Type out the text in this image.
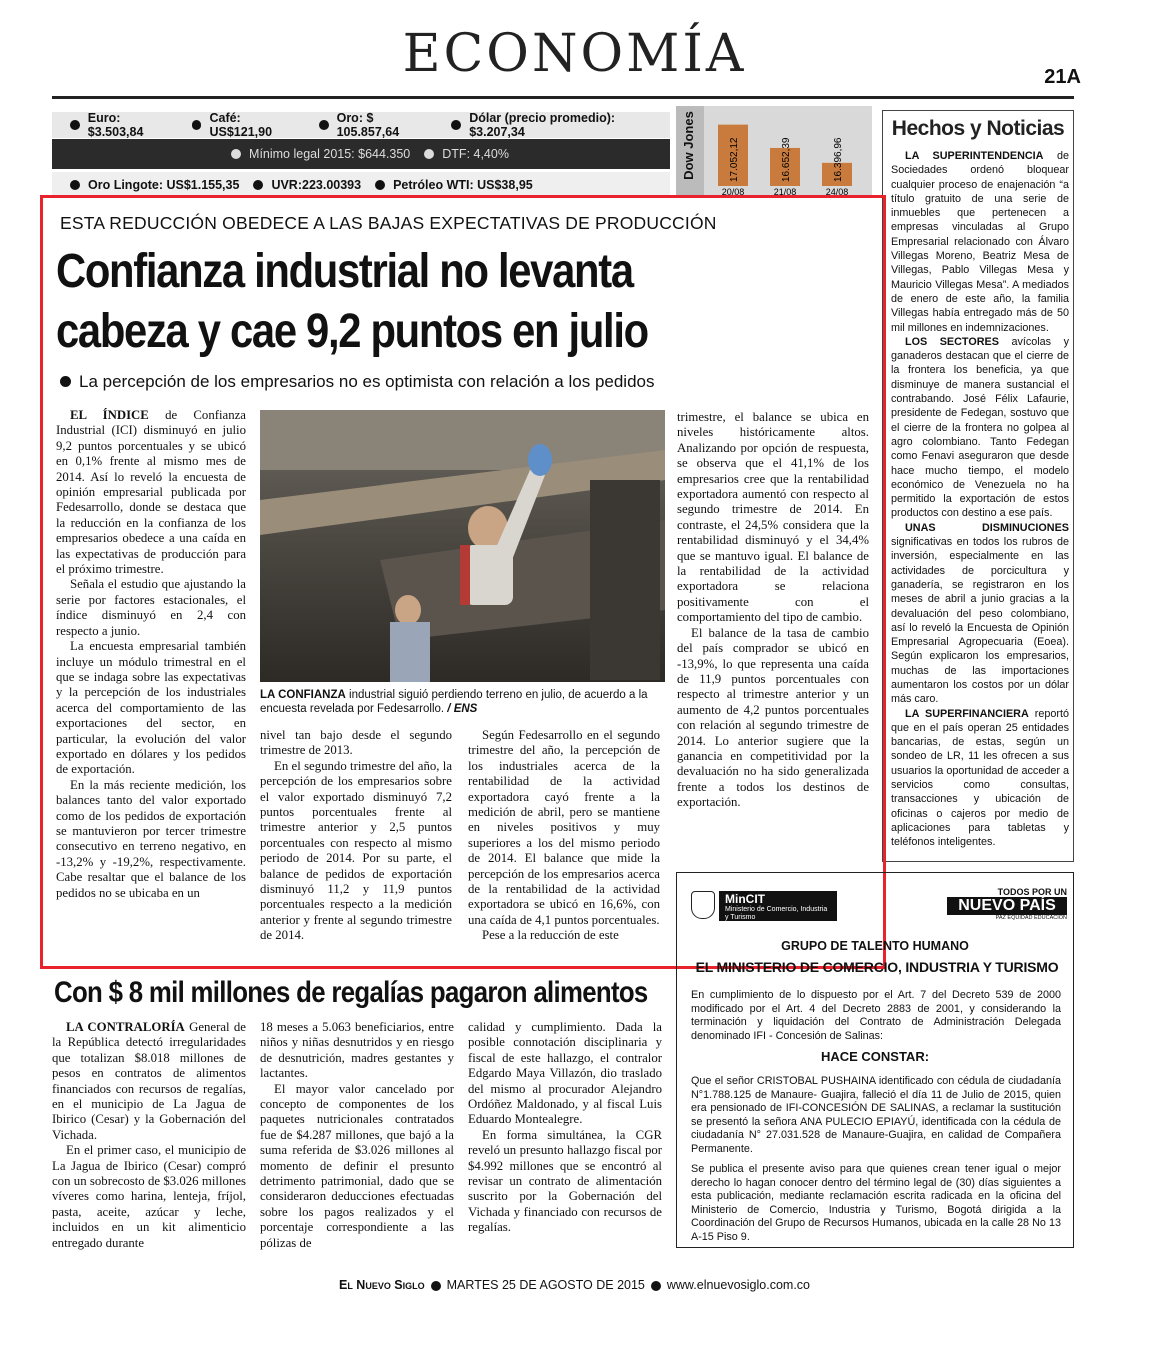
ECONOMÍA	21A
Euro: $3.503,84
Café: US$121,90
Oro: $ 105.857,64
Dólar (precio promedio): $3.207,34
Mínimo legal 2015: $644.350	DTF: 4,40%
Oro Lingote: US$1.155,35	UVR:223.00393	Petróleo WTI: US$38,95
Dow Jones	17.052,12
20/08
16.652,39
21/08
16.396,96
24/08
Hechos y Noticias

LA SUPERINTENDENCIA de Sociedades ordenó bloquear cualquier proceso de enajenación “a título gratuito de una serie de inmuebles que pertenecen a empresas vinculadas al Grupo Empresarial relacionado con Álvaro Villegas Moreno, Beatriz Mesa de Villegas, Pablo Villegas Mesa y Mauricio Villegas Mesa”. A mediados de enero de este año, la familia Villegas había entregado más de 50 mil millones en indemnizaciones.

LOS SECTORES avícolas y ganaderos destacan que el cierre de la frontera los beneficia, ya que disminuye de manera sustancial el contrabando. José Félix Lafaurie, presidente de Fedegan, sostuvo que el cierre de la frontera no golpea al agro colombiano. Tanto Fedegan como Fenavi aseguraron que desde hace mucho tiempo, el modelo económico de Venezuela no ha permitido la exportación de estos productos con destino a ese país.

UNAS DISMINUCIONES significativas en todos los rubros de inversión, especialmente en las actividades de porcicultura y ganadería, se registraron en los meses de abril a junio gracias a la devaluación del peso colombiano, así lo reveló la Encuesta de Opinión Empresarial Agropecuaria (Eoea). Según explicaron los empresarios, muchas de las importaciones aumentaron los costos por un dólar más caro.

LA SUPERFINANCIERA reportó que en el país operan 25 entidades bancarias, de estas, según un sondeo de LR, 11 les ofrecen a sus usuarios la oportunidad de acceder a servicios como consultas, transacciones y ubicación de oficinas o cajeros por medio de aplicaciones para tabletas y teléfonos inteligentes.

ESTA REDUCCIÓN OBEDECE A LAS BAJAS EXPECTATIVAS DE PRODUCCIÓN
Confianza industrial no levanta
cabeza y cae 9,2 puntos en julio
La percepción de los empresarios no es optimista con relación a los pedidos

EL ÍNDICE de Confianza Industrial (ICI) disminuyó en julio 9,2 puntos porcentuales y se ubicó en 0,1% frente al mismo mes de 2014. Así lo reveló la encuesta de opinión empresarial publicada por Fedesarrollo, donde se destaca que la reducción en la confianza de los empresarios obedece a una caída en las expectativas de producción para el próximo trimestre.

Señala el estudio que ajustando la serie por factores estacionales, el índice disminuyó en 2,4 con respecto a junio.

La encuesta empresarial también incluye un módulo trimestral en el que se indaga sobre las expectativas y la percepción de los industriales acerca del comportamiento de las exportaciones del sector, en particular, la evolución del valor exportado en dólares y los pedidos de exportación.

En la más reciente medición, los balances tanto del valor exportado como de los pedidos de exportación se mantuvieron por tercer trimestre consecutivo en terreno negativo, en -13,2% y -19,2%, respectivamente. Cabe resaltar que el balance de los pedidos no se ubicaba en un

LA CONFIANZA industrial siguió perdiendo terreno en julio, de acuerdo a la encuesta revelada por Fedesarrollo. / ENS

nivel tan bajo desde el segundo trimestre de 2013.

En el segundo trimestre del año, la percepción de los empresarios sobre el valor exportado disminuyó 7,2 puntos porcentuales frente al trimestre anterior y 2,5 puntos porcentuales con respecto al mismo periodo de 2014. Por su parte, el balance de pedidos de exportación disminuyó 11,2 y 11,9 puntos porcentuales respecto a la medición anterior y frente al segundo trimestre de 2014.

Según Fedesarrollo en el segundo trimestre del año, la percepción de los industriales acerca de la rentabilidad de la actividad exportadora cayó frente a la medición de abril, pero se mantiene en niveles positivos y muy superiores a los del mismo periodo de 2014. El balance que mide la percepción de los empresarios acerca de la rentabilidad de la actividad exportadora se ubicó en 16,6%, con una caída de 4,1 puntos porcentuales.

Pese a la reducción de este

trimestre, el balance se ubica en niveles históricamente altos. Analizando por opción de respuesta, se observa que el 41,1% de los empresarios cree que la rentabilidad exportadora aumentó con respecto al segundo trimestre de 2014. En contraste, el 24,5% considera que la rentabilidad disminuyó y el 34,4% que se mantuvo igual. El balance de la rentabilidad de la actividad exportadora se relaciona positivamente con el comportamiento del tipo de cambio.

El balance de la tasa de cambio del país comprador se ubicó en -13,9%, lo que representa una caída de 11,9 puntos porcentuales con respecto al trimestre anterior y un aumento de 4,2 puntos porcentuales con relación al segundo trimestre de 2014. Lo anterior sugiere que la ganancia en competitividad por la devaluación no ha sido generalizada frente a todos los destinos de exportación.

Con $ 8 mil millones de regalías pagaron alimentos

LA CONTRALORÍA General de la República detectó irregularidades que totalizan $8.018 millones de pesos en contratos de alimentos financiados con recursos de regalías, en el municipio de La Jagua de Ibirico (Cesar) y la Gobernación del Vichada.

En el primer caso, el municipio de La Jagua de Ibirico (Cesar) compró con un sobrecosto de $3.026 millones víveres como harina, lenteja, fríjol, pasta, aceite, azúcar y leche, incluidos en un kit alimenticio entregado durante

18 meses a 5.063 beneficiarios, entre niños y niñas desnutridos y en riesgo de desnutrición, madres gestantes y lactantes.

El mayor valor cancelado por concepto de componentes de los paquetes nutricionales contratados fue de $4.287 millones, que bajó a la suma referida de $3.026 millones al momento de definir el presunto detrimento patrimonial, dado que se consideraron deducciones efectuadas sobre los pagos realizados y el porcentaje correspondiente a las pólizas de

calidad y cumplimiento. Dada la posible connotación disciplinaria y fiscal de este hallazgo, el contralor Edgardo Maya Villazón, dio traslado del mismo al procurador Alejandro Ordóñez Maldonado, y al fiscal Luis Eduardo Montealegre.

En forma simultánea, la CGR reveló un presunto hallazgo fiscal por $4.992 millones que se encontró al revisar un contrato de alimentación suscrito por la Gobernación del Vichada y financiado con recursos de regalías.

MinCIT
Ministerio de Comercio, Industria y Turismo
TODOS POR UN
NUEVO PAÍS
PAZ EQUIDAD EDUCACIÓN
GRUPO DE TALENTO HUMANO
EL MINISTERIO DE COMERCIO, INDUSTRIA Y TURISMO
En cumplimiento de lo dispuesto por el Art. 7 del Decreto 539 de 2000 modificado por el Art. 4 del Decreto 2883 de 2001, y considerando la terminación y liquidación del Contrato de Administración Delegada denominado IFI - Concesión de Salinas:
HACE CONSTAR:
Que el señor CRISTOBAL PUSHAINA identificado con cédula de ciudadanía N°1.788.125 de Manaure- Guajira, falleció el día 11 de Julio de 2015, quien era pensionado de IFI-CONCESIÓN DE SALINAS, a reclamar la sustitución se presentó la señora ANA PULECIO EPIAYÚ, identificada con la cédula de ciudadanía N° 27.031.528 de Manaure-Guajira, en calidad de Compañera Permanente.
Se publica el presente aviso para que quienes crean tener igual o mejor derecho lo hagan conocer dentro del término legal de (30) días siguientes a esta publicación, mediante reclamación escrita radicada en la oficina del Ministerio de Comercio, Industria y Turismo, Bogotá dirigida a la Coordinación del Grupo de Recursos Humanos, ubicada en la calle 28 No 13 A-15 Piso 9.
El Nuevo Siglo MARTES 25 DE AGOSTO DE 2015 www.elnuevosiglo.com.co
